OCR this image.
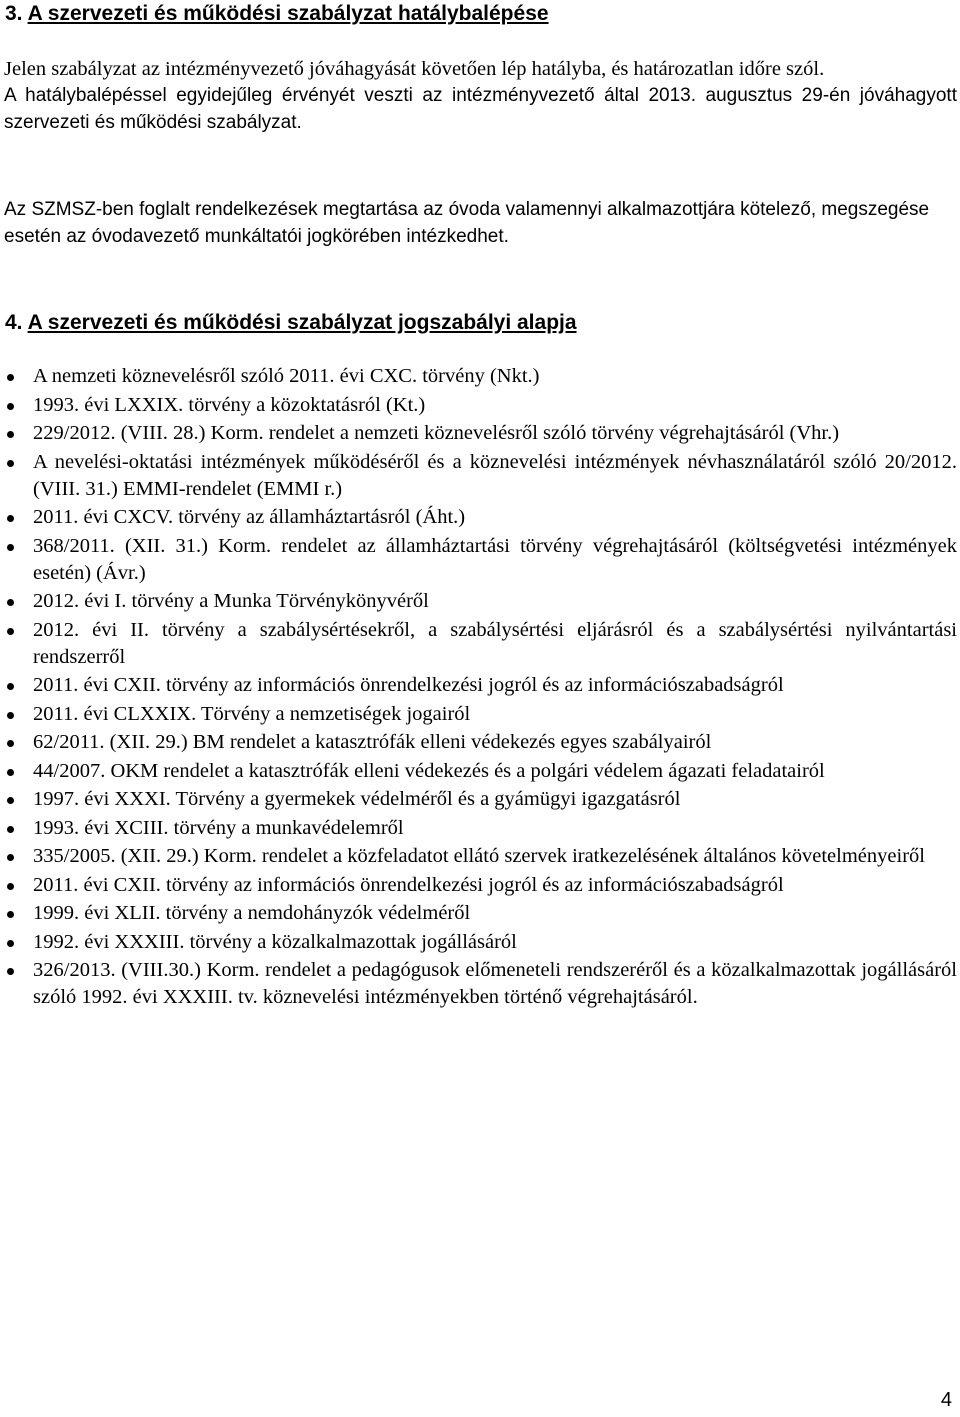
3. A szervezeti és működési szabályzat hatálybalépése

Jelen szabályzat az intézményvezető jóváhagyását követően lép hatályba, és határozatlan időre szól.
A hatálybalépéssel egyidejűleg érvényét veszti az intézményvezető által 2013. augusztus 29-én jóváhagyott szervezeti és működési szabályzat.

Az SZMSZ-ben foglalt rendelkezések megtartása az óvoda valamennyi alkalmazottjára kötelező, megszegése esetén az óvodavezető munkáltatói jogkörében intézkedhet.

4. A szervezeti és működési szabályzat jogszabályi alapja
A nemzeti köznevelésről szóló 2011. évi CXC. törvény (Nkt.)
1993. évi LXXIX. törvény a közoktatásról (Kt.)
229/2012. (VIII. 28.) Korm. rendelet a nemzeti köznevelésről szóló törvény végrehajtásáról (Vhr.)
A nevelési-oktatási intézmények működéséről és a köznevelési intézmények névhasználatáról szóló 20/2012. (VIII. 31.) EMMI-rendelet (EMMI r.)
2011. évi CXCV. törvény az államháztartásról (Áht.)
368/2011. (XII. 31.) Korm. rendelet az államháztartási törvény végrehajtásáról (költségvetési intézmények esetén) (Ávr.)
2012. évi I. törvény a Munka Törvénykönyvéről
2012. évi II. törvény a szabálysértésekről, a szabálysértési eljárásról és a szabálysértési nyilvántartási rendszerről
2011. évi CXII. törvény az információs önrendelkezési jogról és az információszabadságról
2011. évi CLXXIX. Törvény a nemzetiségek jogairól
62/2011. (XII. 29.) BM rendelet a katasztrófák elleni védekezés egyes szabályairól
44/2007. OKM rendelet a katasztrófák elleni védekezés és a polgári védelem ágazati feladatairól
1997. évi XXXI. Törvény a gyermekek védelméről és a gyámügyi igazgatásról
1993. évi XCIII. törvény a munkavédelemről
335/2005. (XII. 29.) Korm. rendelet a közfeladatot ellátó szervek iratkezelésének általános követelményeiről
2011. évi CXII. törvény az információs önrendelkezési jogról és az információszabadságról
1999. évi XLII. törvény a nemdohányzók védelméről
1992. évi XXXIII. törvény a közalkalmazottak jogállásáról
326/2013. (VIII.30.) Korm. rendelet a pedagógusok előmeneteli rendszeréről és a közalkalmazottak jogállásáról szóló 1992. évi XXXIII. tv. köznevelési intézményekben történő végrehajtásáról.
4
